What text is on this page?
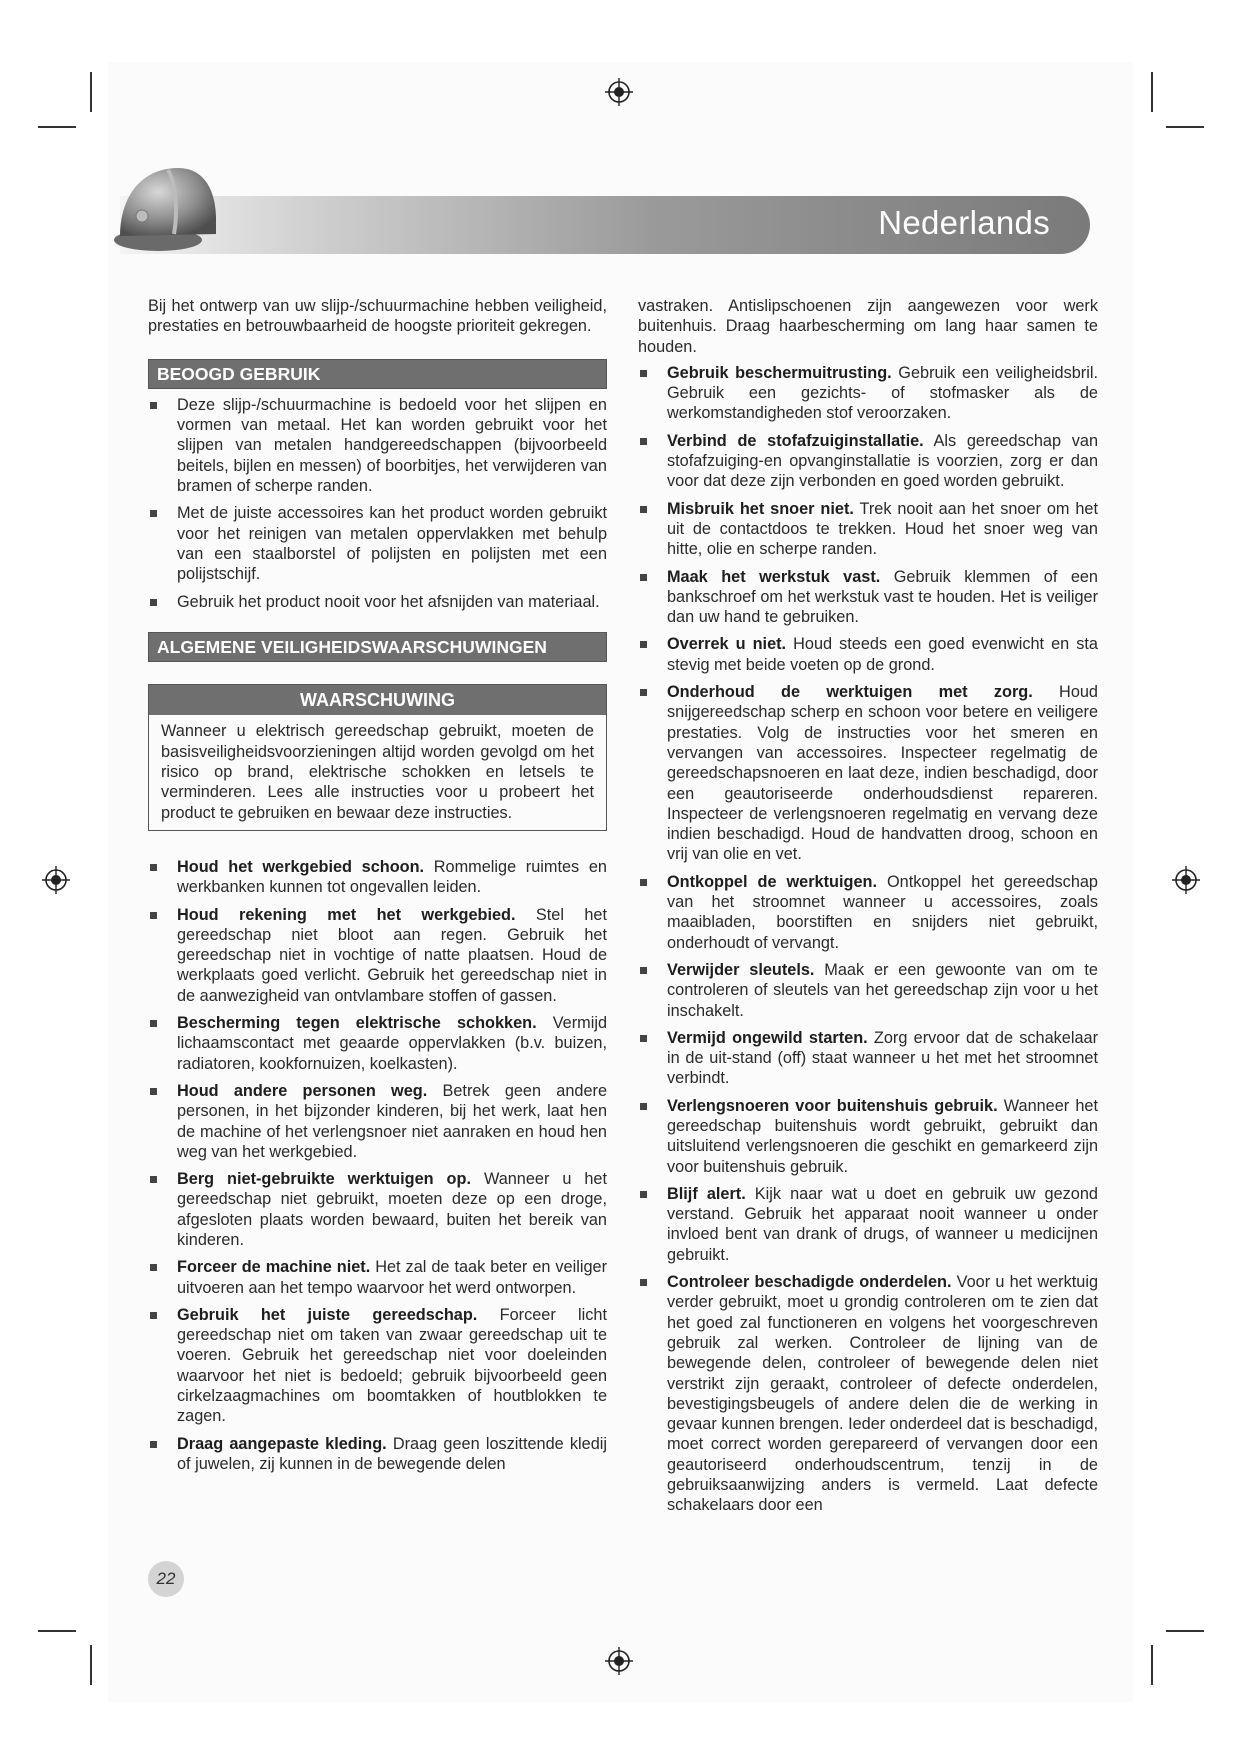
Nederlands

Bij het ontwerp van uw slijp-/schuurmachine hebben veiligheid, prestaties en betrouwbaarheid de hoogste prioriteit gekregen.

BEOOGD GEBRUIK
Deze slijp-/schuurmachine is bedoeld voor het slijpen en vormen van metaal. Het kan worden gebruikt voor het slijpen van metalen handgereedschappen (bijvoorbeeld beitels, bijlen en messen) of boorbitjes, het verwijderen van bramen of scherpe randen.
Met de juiste accessoires kan het product worden gebruikt voor het reinigen van metalen oppervlakken met behulp van een staalborstel of polijsten en polijsten met een polijstschijf.
Gebruik het product nooit voor het afsnijden van materiaal.
ALGEMENE VEILIGHEIDSWAARSCHUWINGEN
WAARSCHUWING
Wanneer u elektrisch gereedschap gebruikt, moeten de basisveiligheidsvoorzieningen altijd worden gevolgd om het risico op brand, elektrische schokken en letsels te verminderen. Lees alle instructies voor u probeert het product te gebruiken en bewaar deze instructies.
Houd het werkgebied schoon. Rommelige ruimtes en werkbanken kunnen tot ongevallen leiden.
Houd rekening met het werkgebied. Stel het gereedschap niet bloot aan regen. Gebruik het gereedschap niet in vochtige of natte plaatsen. Houd de werkplaats goed verlicht. Gebruik het gereedschap niet in de aanwezigheid van ontvlambare stoffen of gassen.
Bescherming tegen elektrische schokken. Vermijd lichaamscontact met geaarde oppervlakken (b.v. buizen, radiatoren, kookfornuizen, koelkasten).
Houd andere personen weg. Betrek geen andere personen, in het bijzonder kinderen, bij het werk, laat hen de machine of het verlengsnoer niet aanraken en houd hen weg van het werkgebied.
Berg niet-gebruikte werktuigen op. Wanneer u het gereedschap niet gebruikt, moeten deze op een droge, afgesloten plaats worden bewaard, buiten het bereik van kinderen.
Forceer de machine niet. Het zal de taak beter en veiliger uitvoeren aan het tempo waarvoor het werd ontworpen.
Gebruik het juiste gereedschap. Forceer licht gereedschap niet om taken van zwaar gereedschap uit te voeren. Gebruik het gereedschap niet voor doeleinden waarvoor het niet is bedoeld; gebruik bijvoorbeeld geen cirkelzaagmachines om boomtakken of houtblokken te zagen.
Draag aangepaste kleding. Draag geen loszittende kledij of juwelen, zij kunnen in de bewegende delen

vastraken. Antislipschoenen zijn aangewezen voor werk buitenhuis. Draag haarbescherming om lang haar samen te houden.

Gebruik beschermuitrusting. Gebruik een veiligheidsbril. Gebruik een gezichts- of stofmasker als de werkomstandigheden stof veroorzaken.
Verbind de stofafzuiginstallatie. Als gereedschap van stofafzuiging-en opvanginstallatie is voorzien, zorg er dan voor dat deze zijn verbonden en goed worden gebruikt.
Misbruik het snoer niet. Trek nooit aan het snoer om het uit de contactdoos te trekken. Houd het snoer weg van hitte, olie en scherpe randen.
Maak het werkstuk vast. Gebruik klemmen of een bankschroef om het werkstuk vast te houden. Het is veiliger dan uw hand te gebruiken.
Overrek u niet. Houd steeds een goed evenwicht en sta stevig met beide voeten op de grond.
Onderhoud de werktuigen met zorg. Houd snijgereedschap scherp en schoon voor betere en veiligere prestaties. Volg de instructies voor het smeren en vervangen van accessoires. Inspecteer regelmatig de gereedschapsnoeren en laat deze, indien beschadigd, door een geautoriseerde onderhoudsdienst repareren. Inspecteer de verlengsnoeren regelmatig en vervang deze indien beschadigd. Houd de handvatten droog, schoon en vrij van olie en vet.
Ontkoppel de werktuigen. Ontkoppel het gereedschap van het stroomnet wanneer u accessoires, zoals maaibladen, boorstiften en snijders niet gebruikt, onderhoudt of vervangt.
Verwijder sleutels. Maak er een gewoonte van om te controleren of sleutels van het gereedschap zijn voor u het inschakelt.
Vermijd ongewild starten. Zorg ervoor dat de schakelaar in de uit-stand (off) staat wanneer u het met het stroomnet verbindt.
Verlengsnoeren voor buitenshuis gebruik. Wanneer het gereedschap buitenshuis wordt gebruikt, gebruikt dan uitsluitend verlengsnoeren die geschikt en gemarkeerd zijn voor buitenshuis gebruik.
Blijf alert. Kijk naar wat u doet en gebruik uw gezond verstand. Gebruik het apparaat nooit wanneer u onder invloed bent van drank of drugs, of wanneer u medicijnen gebruikt.
Controleer beschadigde onderdelen. Voor u het werktuig verder gebruikt, moet u grondig controleren om te zien dat het goed zal functioneren en volgens het voorgeschreven gebruik zal werken. Controleer de lijning van de bewegende delen, controleer of bewegende delen niet verstrikt zijn geraakt, controleer of defecte onderdelen, bevestigingsbeugels of andere delen die de werking in gevaar kunnen brengen. Ieder onderdeel dat is beschadigd, moet correct worden gerepareerd of vervangen door een geautoriseerd onderhoudscentrum, tenzij in de gebruiksaanwijzing anders is vermeld. Laat defecte schakelaars door een
22
